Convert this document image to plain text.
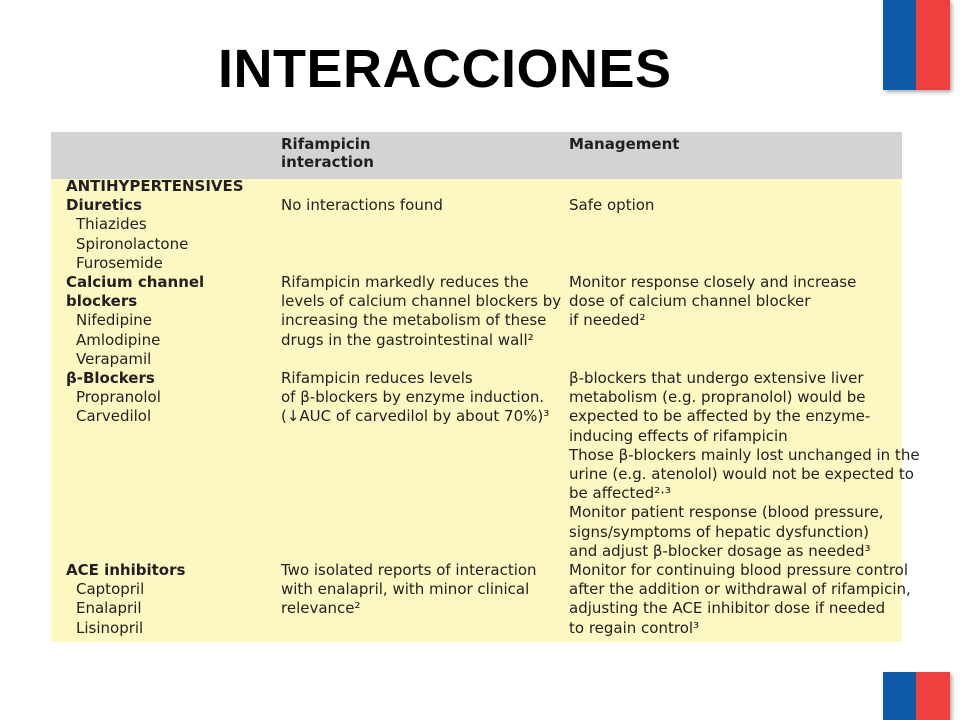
INTERACCIONES
Rifampicin
interaction
Management
ANTIHYPERTENSIVES
Diuretics
Thiazides
Spironolactone
Furosemide
No interactions found	Safe option
Calcium channel
blockers
Nifedipine
Amlodipine
Verapamil
Rifampicin markedly reduces the
levels of calcium channel blockers by
increasing the metabolism of these
drugs in the gastrointestinal wall²
Monitor response closely and increase
dose of calcium channel blocker
if needed²
β-Blockers
Propranolol
Carvedilol
Rifampicin reduces levels
of β-blockers by enzyme induction.
(↓AUC of carvedilol by about 70%)³
β-blockers that undergo extensive liver
metabolism (e.g. propranolol) would be
expected to be affected by the enzyme-
inducing effects of rifampicin
Those β-blockers mainly lost unchanged in the
urine (e.g. atenolol) would not be expected to
be affected²·³
Monitor patient response (blood pressure,
signs/symptoms of hepatic dysfunction)
and adjust β-blocker dosage as needed³
ACE inhibitors
Captopril
Enalapril
Lisinopril
Two isolated reports of interaction
with enalapril, with minor clinical
relevance²
Monitor for continuing blood pressure control
after the addition or withdrawal of rifampicin,
adjusting the ACE inhibitor dose if needed
to regain control³
